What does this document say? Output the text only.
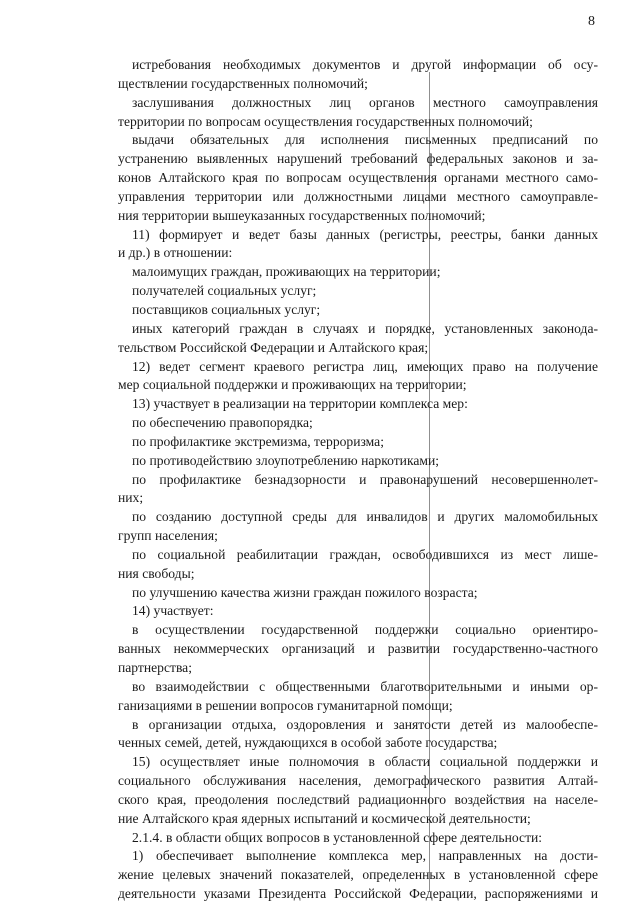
8
истребования необходимых документов и другой информации об осу-
ществлении государственных полномочий;
заслушивания должностных лиц органов местного самоуправления
территории по вопросам осуществления государственных полномочий;
выдачи обязательных для исполнения письменных предписаний по
устранению выявленных нарушений требований федеральных законов и за-
конов Алтайского края по вопросам осуществления органами местного само-
управления территории или должностными лицами местного самоуправле-
ния территории вышеуказанных государственных полномочий;
11) формирует и ведет базы данных (регистры, реестры, банки данных
и др.) в отношении:
малоимущих граждан, проживающих на территории;
получателей социальных услуг;
поставщиков социальных услуг;
иных категорий граждан в случаях и порядке, установленных законода-
тельством Российской Федерации и Алтайского края;
12) ведет сегмент краевого регистра лиц, имеющих право на получение
мер социальной поддержки и проживающих на территории;
13) участвует в реализации на территории комплекса мер:
по обеспечению правопорядка;
по профилактике экстремизма, терроризма;
по противодействию злоупотреблению наркотиками;
по профилактике безнадзорности и правонарушений несовершеннолет-
них;
по созданию доступной среды для инвалидов и других маломобильных
групп населения;
по социальной реабилитации граждан, освободившихся из мест лише-
ния свободы;
по улучшению качества жизни граждан пожилого возраста;
14) участвует:
в осуществлении государственной поддержки социально ориентиро-
ванных некоммерческих организаций и развитии государственно-частного
партнерства;
во взаимодействии с общественными благотворительными и иными ор-
ганизациями в решении вопросов гуманитарной помощи;
в организации отдыха, оздоровления и занятости детей из малообеспе-
ченных семей, детей, нуждающихся в особой заботе государства;
15) осуществляет иные полномочия в области социальной поддержки и
социального обслуживания населения, демографического развития Алтай-
ского края, преодоления последствий радиационного воздействия на населе-
ние Алтайского края ядерных испытаний и космической деятельности;
2.1.4. в области общих вопросов в установленной сфере деятельности:
1) обеспечивает выполнение комплекса мер, направленных на дости-
жение целевых значений показателей, определенных в установленной сфере
деятельности указами Президента Российской Федерации, распоряжениями и
